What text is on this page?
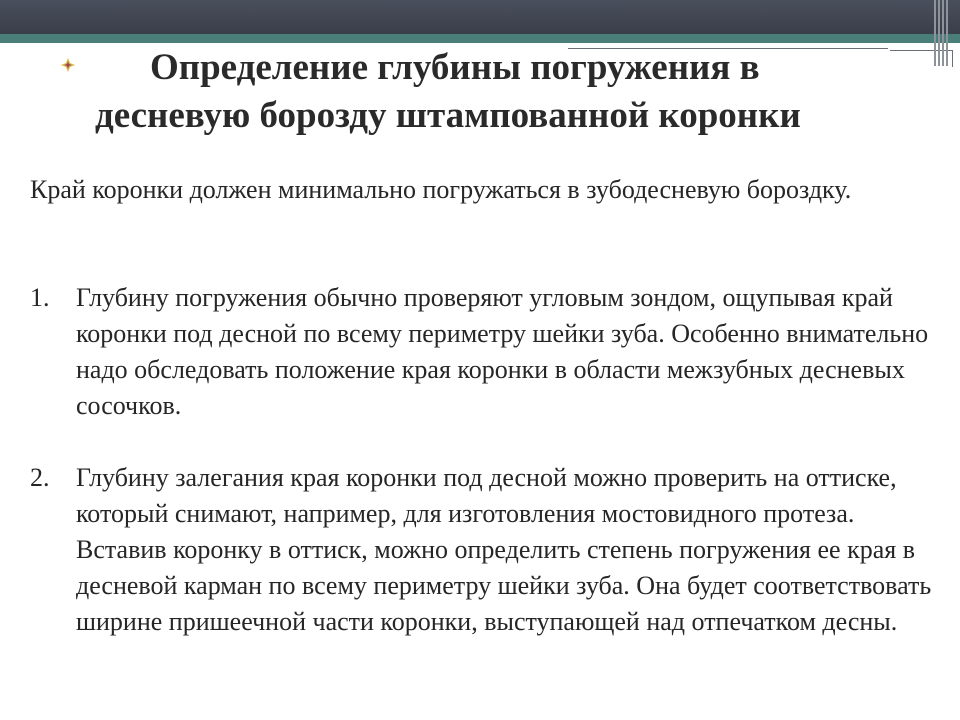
Определение глубины погружения в
десневую борозду штампованной коронки

Край коронки должен минимально погружаться в зубодесневую бороздку.

1. Глубину погружения обычно проверяют угловым зондом, ощупывая край коронки под десной по всему периметру шейки зуба. Особенно внимательно надо обследовать положение края коронки в области межзубных десневых сосочков.
2. Глубину залегания края коронки под десной можно проверить на оттиске, который снимают, например, для изготовления мостовидного протеза. Вставив коронку в оттиск, можно определить степень погружения ее края в десневой карман по всему периметру шейки зуба. Она будет соответствовать ширине пришеечной части коронки, выступающей над отпечатком десны.
